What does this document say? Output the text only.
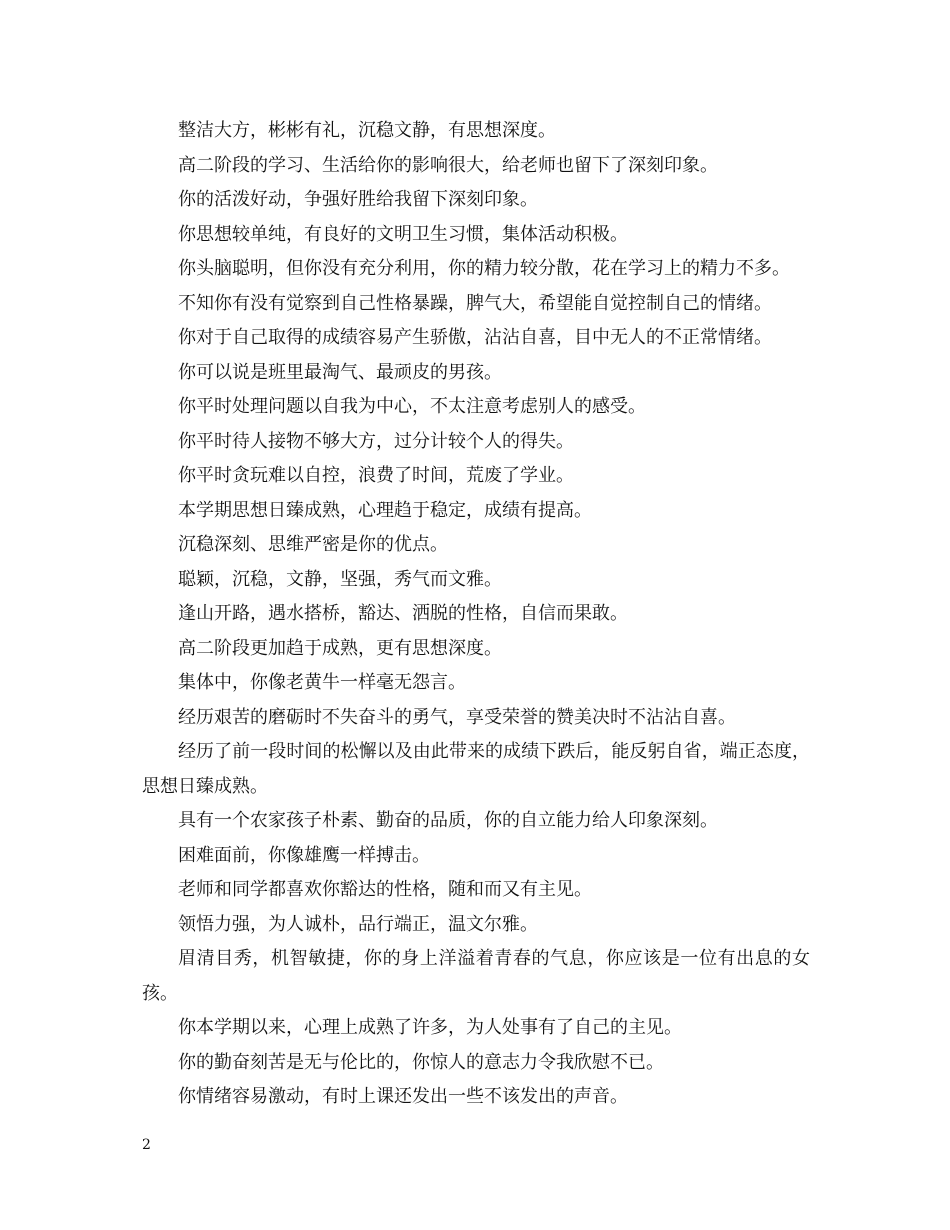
整洁大方，彬彬有礼，沉稳文静，有思想深度。

高二阶段的学习、生活给你的影响很大，给老师也留下了深刻印象。

你的活泼好动，争强好胜给我留下深刻印象。

你思想较单纯，有良好的文明卫生习惯，集体活动积极。

你头脑聪明，但你没有充分利用，你的精力较分散，花在学习上的精力不多。

不知你有没有觉察到自己性格暴躁，脾气大，希望能自觉控制自己的情绪。

你对于自己取得的成绩容易产生骄傲，沾沾自喜，目中无人的不正常情绪。

你可以说是班里最淘气、最顽皮的男孩。

你平时处理问题以自我为中心，不太注意考虑别人的感受。

你平时待人接物不够大方，过分计较个人的得失。

你平时贪玩难以自控，浪费了时间，荒废了学业。

本学期思想日臻成熟，心理趋于稳定，成绩有提高。

沉稳深刻、思维严密是你的优点。

聪颖，沉稳，文静，坚强，秀气而文雅。

逢山开路，遇水搭桥，豁达、洒脱的性格，自信而果敢。

高二阶段更加趋于成熟，更有思想深度。

集体中，你像老黄牛一样毫无怨言。

经历艰苦的磨砺时不失奋斗的勇气，享受荣誉的赞美决时不沾沾自喜。

经历了前一段时间的松懈以及由此带来的成绩下跌后，能反躬自省，端正态度，思想日臻成熟。

具有一个农家孩子朴素、勤奋的品质，你的自立能力给人印象深刻。

困难面前，你像雄鹰一样搏击。

老师和同学都喜欢你豁达的性格，随和而又有主见。

领悟力强，为人诚朴，品行端正，温文尔雅。

眉清目秀，机智敏捷，你的身上洋溢着青春的气息，你应该是一位有出息的女孩。

你本学期以来，心理上成熟了许多，为人处事有了自己的主见。

你的勤奋刻苦是无与伦比的，你惊人的意志力令我欣慰不已。

你情绪容易激动，有时上课还发出一些不该发出的声音。

2
